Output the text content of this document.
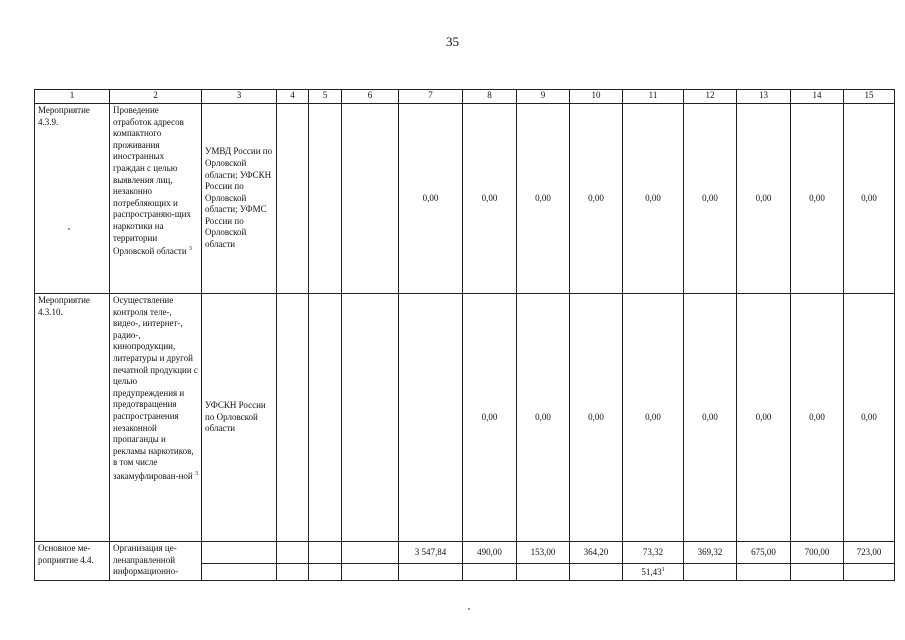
35
1	2	3	4	5	6	7	8	9	10	11	12	13	14	15
Мероприятие 4.3.9.	Проведение отработок адресов компактного проживания иностранных граждан с целью выявления лиц, незаконно потребляющих и распространяю-щих наркотики на территории Орловской области $^3$	УМВД России по Орловской области; УФСКН России по Орловской области; УФМС России по Орловской области				0,00	0,00	0,00	0,00	0,00	0,00	0,00	0,00	0,00
Мероприятие 4.3.10.	Осуществление контроля теле-, видео-, интернет-, радио-, кинопродукции, литературы и другой печатной продукции с целью предупреждения и предотвращения распространения незаконной пропаганды и рекламы наркотиков, в том числе закамуфлирован-ной $^3$	УФСКН России по Орловской области					0,00	0,00	0,00	0,00	0,00	0,00	0,00	0,00
Основное ме-роприятие 4.4.	Организация це-ленаправленной информационно-					3 547,84	490,00	153,00	364,20	73,32	369,32	675,00	700,00	723,00
										51,43$^1$				
